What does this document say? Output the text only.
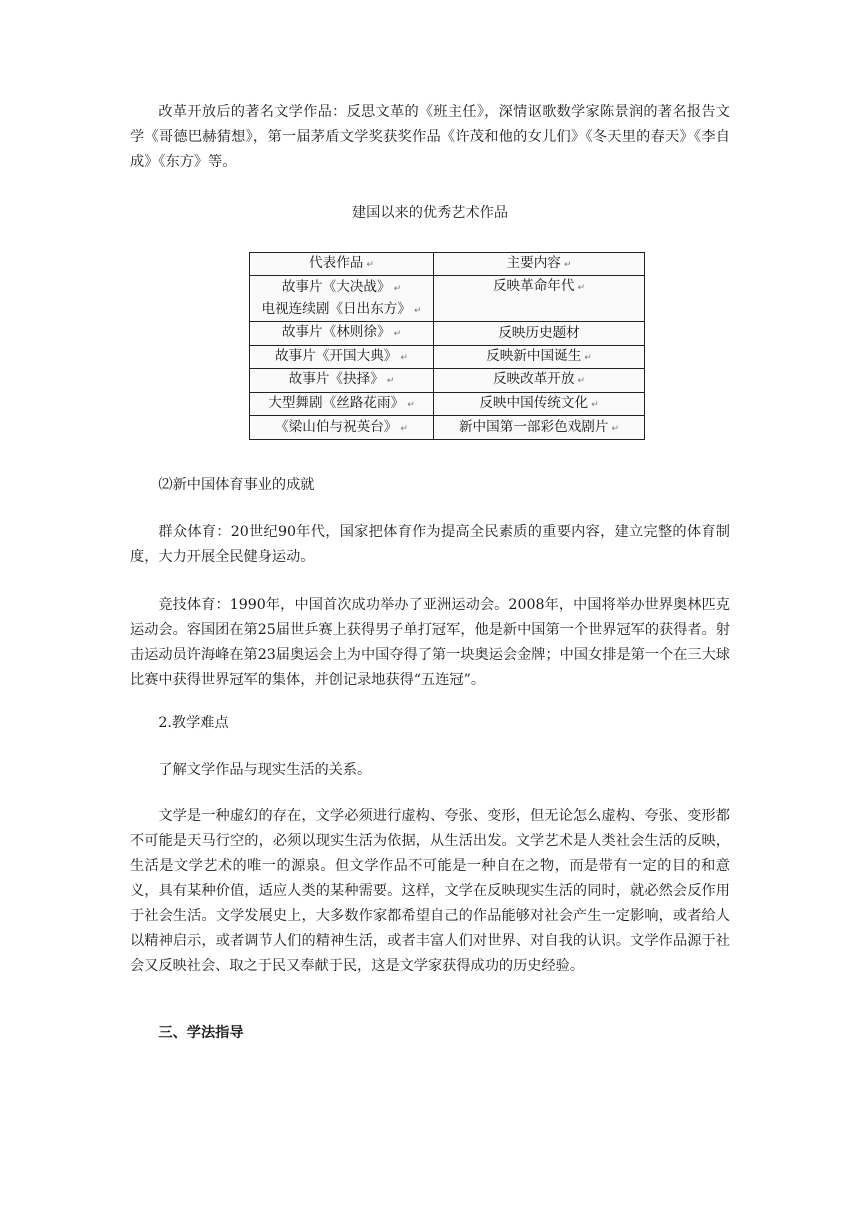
改革开放后的著名文学作品：反思文革的《班主任》，深情讴歌数学家陈景润的著名报告文学《哥德巴赫猜想》，第一届茅盾文学奖获奖作品《许茂和他的女儿们》《冬天里的春天》《李自成》《东方》等。

建国以来的优秀艺术作品

代表作品 ↵	主要内容 ↵

故事片《大决战》 ↵
电视连续剧《日出东方》 ↵	反映革命年代 ↵
故事片《林则徐》 ↵	反映历史题材
故事片《开国大典》 ↵	反映新中国诞生 ↵
故事片《抉择》 ↵	反映改革开放 ↵
大型舞剧《丝路花雨》 ↵	反映中国传统文化 ↵
《梁山伯与祝英台》 ↵	新中国第一部彩色戏剧片 ↵

⑵新中国体育事业的成就

群众体育：20世纪90年代，国家把体育作为提高全民素质的重要内容，建立完整的体育制度，大力开展全民健身运动。

竞技体育：1990年，中国首次成功举办了亚洲运动会。2008年，中国将举办世界奥林匹克运动会。容国团在第25届世乒赛上获得男子单打冠军，他是新中国第一个世界冠军的获得者。射击运动员许海峰在第23届奥运会上为中国夺得了第一块奥运会金牌；中国女排是第一个在三大球比赛中获得世界冠军的集体，并创记录地获得“五连冠”。

2.教学难点

了解文学作品与现实生活的关系。

文学是一种虚幻的存在，文学必须进行虚构、夸张、变形，但无论怎么虚构、夸张、变形都不可能是天马行空的，必须以现实生活为依据，从生活出发。文学艺术是人类社会生活的反映，生活是文学艺术的唯一的源泉。但文学作品不可能是一种自在之物，而是带有一定的目的和意义，具有某种价值，适应人类的某种需要。这样，文学在反映现实生活的同时，就必然会反作用于社会生活。文学发展史上，大多数作家都希望自己的作品能够对社会产生一定影响，或者给人以精神启示，或者调节人们的精神生活，或者丰富人们对世界、对自我的认识。文学作品源于社会又反映社会、取之于民又奉献于民，这是文学家获得成功的历史经验。

三、学法指导
